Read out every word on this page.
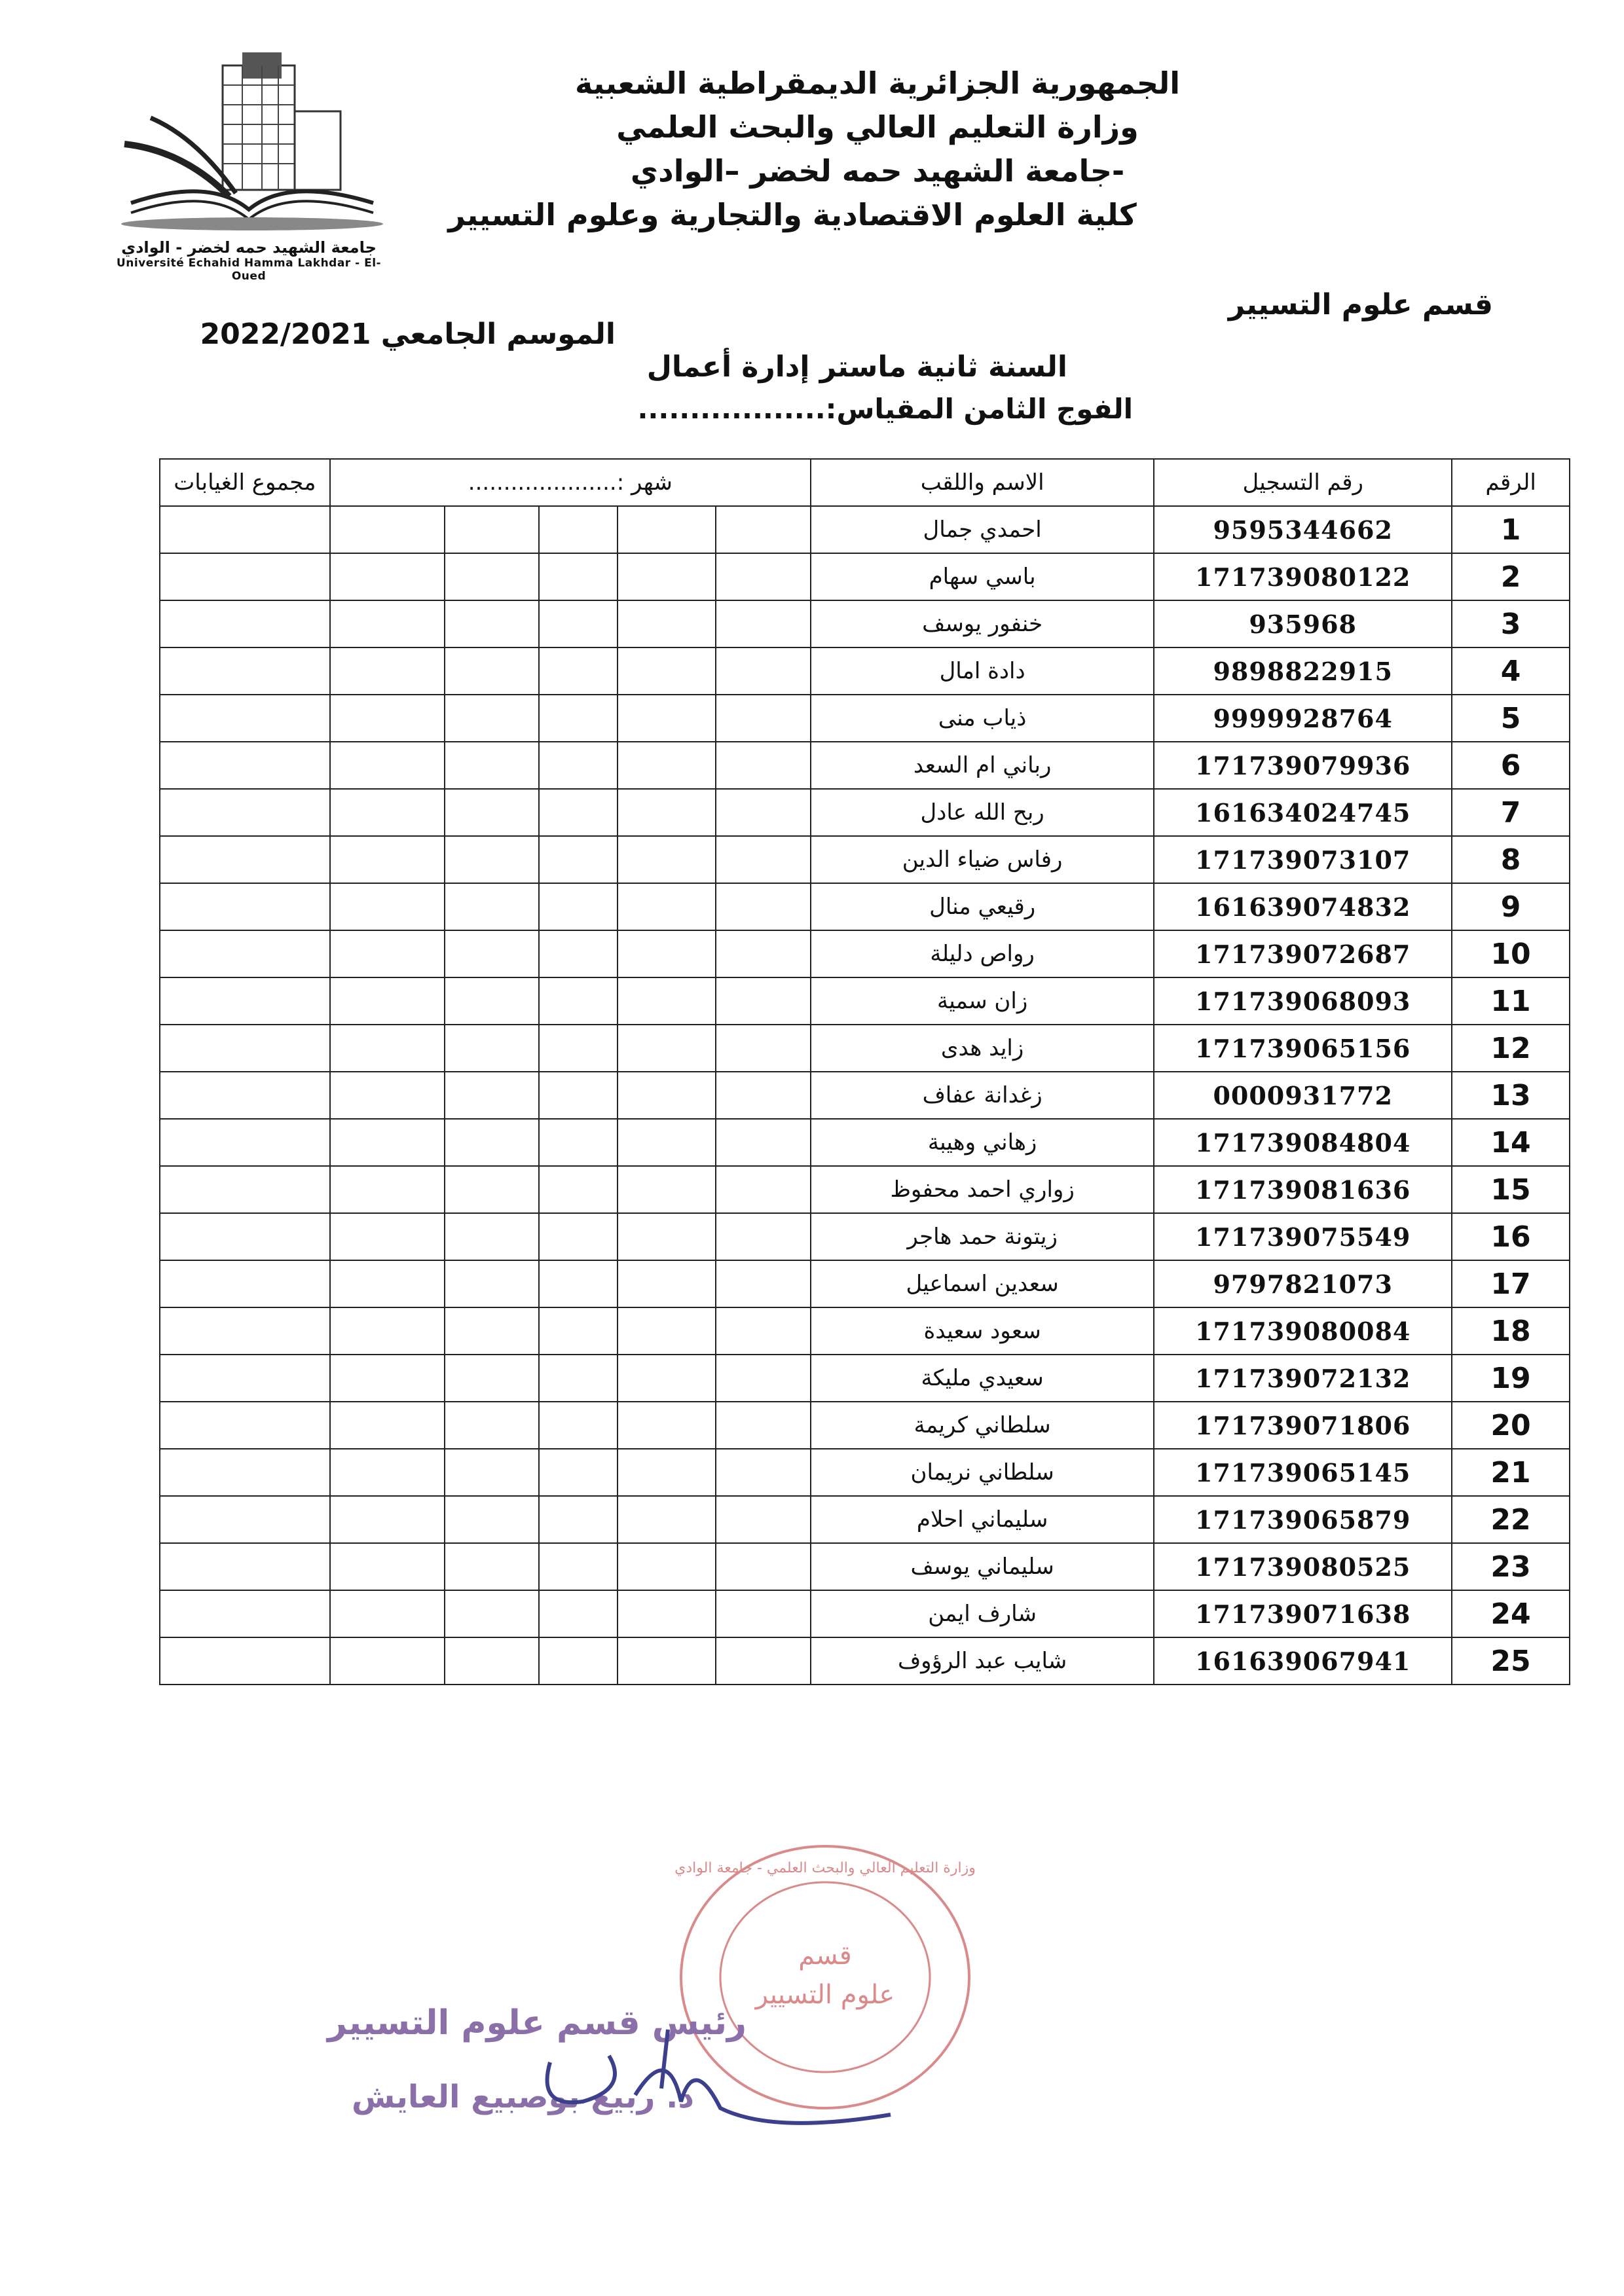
جامعة الشهيد حمه لخضر - الوادي
Université Echahid Hamma Lakhdar - El-Oued
الجمهورية الجزائرية الديمقراطية الشعبية
وزارة التعليم العالي والبحث العلمي
جامعة الشهيد حمه لخضر –الوادي-
كلية العلوم الاقتصادية والتجارية وعلوم التسيير
قسم علوم التسيير
الموسم الجامعي 2022/2021
السنة ثانية ماستر إدارة أعمال
الفوج الثامن المقياس:..................
مجموع الغيابات	شهر :.....................					الاسم واللقب	رقم التسجيل	الرقم
						احمدي جمال	9595344662	1
						باسي سهام	171739080122	2
						خنفور يوسف	935968	3
						دادة امال	9898822915	4
						ذياب منى	9999928764	5
						رباني ام السعد	171739079936	6
						ربح الله عادل	161634024745	7
						رفاس ضياء الدين	171739073107	8
						رقيعي منال	161639074832	9
						رواص دليلة	171739072687	10
						زان سمية	171739068093	11
						زايد هدى	171739065156	12
						زغدانة عفاف	0000931772	13
						زهاني وهيبة	171739084804	14
						زواري احمد محفوظ	171739081636	15
						زيتونة حمد هاجر	171739075549	16
						سعدين اسماعيل	9797821073	17
						سعود سعيدة	171739080084	18
						سعيدي مليكة	171739072132	19
						سلطاني كريمة	171739071806	20
						سلطاني نريمان	171739065145	21
						سليماني احلام	171739065879	22
						سليماني يوسف	171739080525	23
						شارف ايمن	171739071638	24
						شايب عبد الرؤوف	161639067941	25
قسم
علوم التسيير
وزارة التعليم العالي والبحث العلمي - جامعة الوادي
رئيس قسم علوم التسيير
د. ربيع بوصبيع العايش
